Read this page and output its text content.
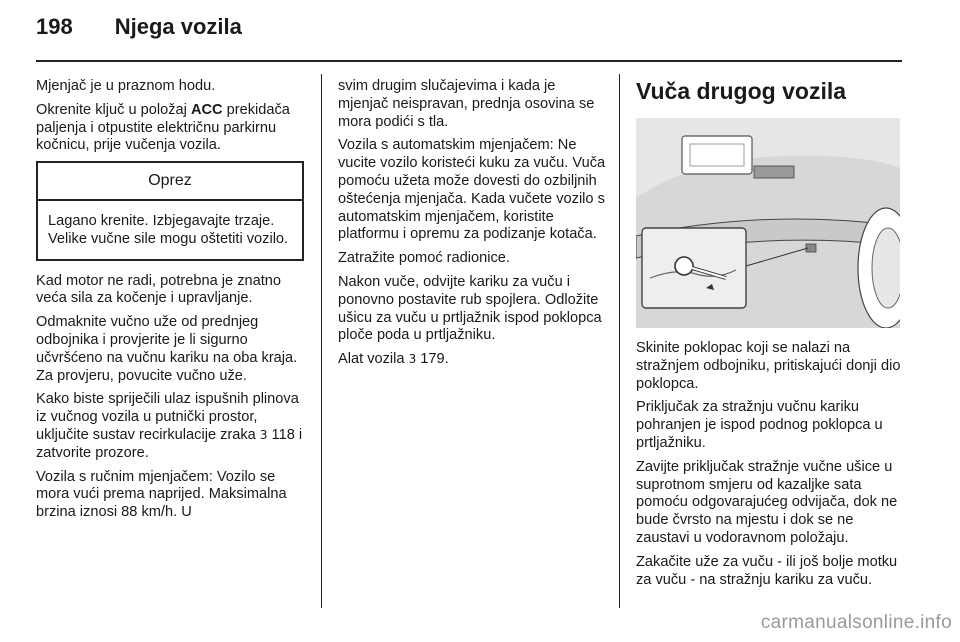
198 Njega vozila

Mjenjač je u praznom hodu.

Okrenite ključ u položaj ACC prekidača paljenja i otpustite električnu parkirnu kočnicu, prije vučenja vozila.

Oprez
Lagano krenite. Izbjegavajte trzaje. Velike vučne sile mogu oštetiti vozilo.

Kad motor ne radi, potrebna je znatno veća sila za kočenje i upravljanje.

Odmaknite vučno uže od prednjeg odbojnika i provjerite je li sigurno učvršćeno na vučnu kariku na oba kraja. Za provjeru, povucite vučno uže.

Kako biste spriječili ulaz ispušnih plinova iz vučnog vozila u putnički prostor, uključite sustav recirkulacije zraka 3 118 i zatvorite prozore.

Vozila s ručnim mjenjačem: Vozilo se mora vući prema naprijed. Maksimalna brzina iznosi 88 km/h. U

svim drugim slučajevima i kada je mjenjač neispravan, prednja osovina se mora podići s tla.

Vozila s automatskim mjenjačem: Ne vucite vozilo koristeći kuku za vuču. Vuča pomoću užeta može dovesti do ozbiljnih oštećenja mjenjača. Kada vučete vozilo s automatskim mjenjačem, koristite platformu i opremu za podizanje kotača.

Zatražite pomoć radionice.

Nakon vuče, odvijte kariku za vuču i ponovno postavite rub spojlera. Odložite ušicu za vuču u prtljažnik ispod poklopca ploče poda u prtljažniku.

Alat vozila 3 179.

Vuča drugog vozila

Skinite poklopac koji se nalazi na stražnjem odbojniku, pritiskajući donji dio poklopca.

Priključak za stražnju vučnu kariku pohranjen je ispod podnog poklopca u prtljažniku.

Zavijte priključak stražnje vučne ušice u suprotnom smjeru od kazaljke sata pomoću odgovarajućeg odvijača, dok ne bude čvrsto na mjestu i dok se ne zaustavi u vodoravnom položaju.

Zakačite uže za vuču - ili još bolje motku za vuču - na stražnju kariku za vuču.

carmanualsonline.info
